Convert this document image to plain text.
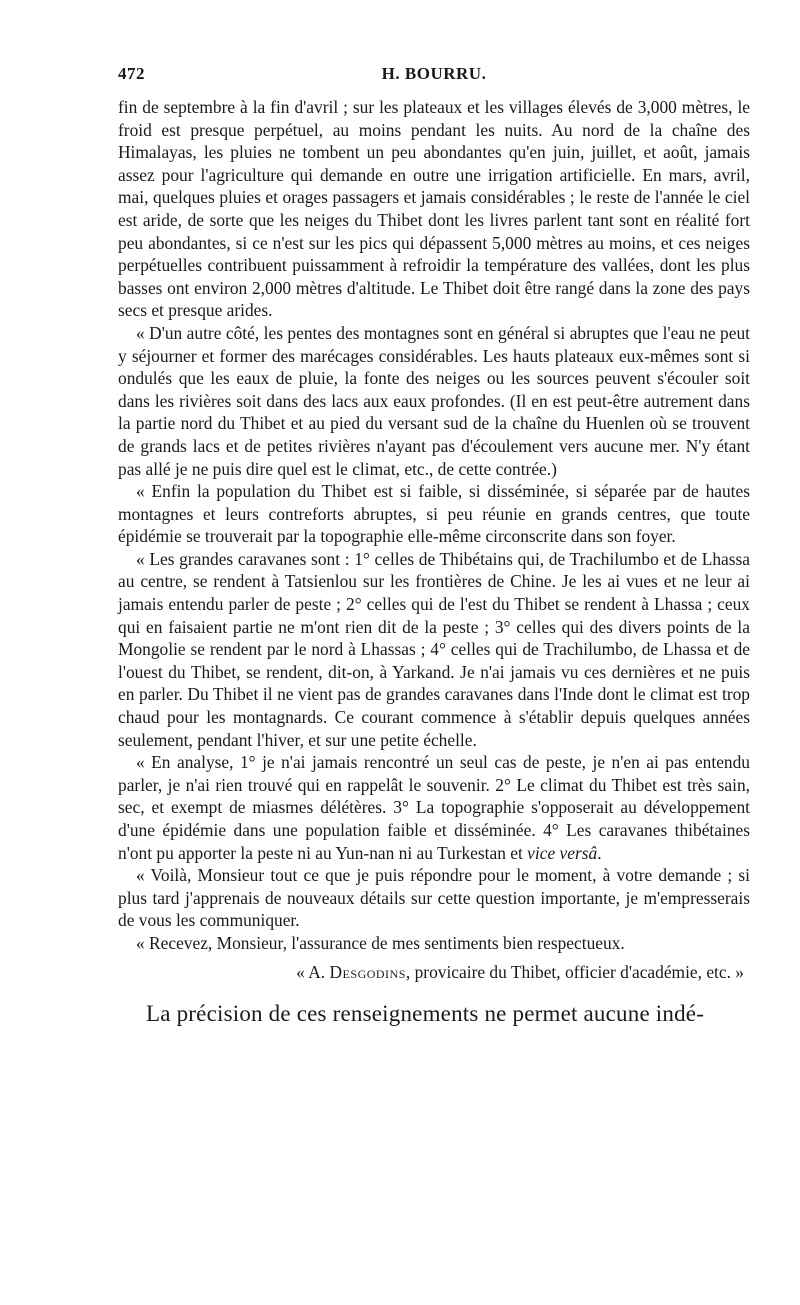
472	H. BOURRU.

fin de septembre à la fin d'avril ; sur les plateaux et les villages élevés de 3,000 mètres, le froid est presque perpétuel, au moins pendant les nuits. Au nord de la chaîne des Himalayas, les pluies ne tombent un peu abondantes qu'en juin, juillet, et août, jamais assez pour l'agriculture qui demande en outre une irrigation artificielle. En mars, avril, mai, quelques pluies et orages passagers et jamais considérables ; le reste de l'année le ciel est aride, de sorte que les neiges du Thibet dont les livres parlent tant sont en réalité fort peu abondantes, si ce n'est sur les pics qui dépassent 5,000 mètres au moins, et ces neiges perpétuelles contribuent puissamment à refroidir la température des vallées, dont les plus basses ont environ 2,000 mètres d'altitude. Le Thibet doit être rangé dans la zone des pays secs et presque arides.

« D'un autre côté, les pentes des montagnes sont en général si abruptes que l'eau ne peut y séjourner et former des marécages considérables. Les hauts plateaux eux-mêmes sont si ondulés que les eaux de pluie, la fonte des neiges ou les sources peuvent s'écouler soit dans les rivières soit dans des lacs aux eaux profondes. (Il en est peut-être autrement dans la partie nord du Thibet et au pied du versant sud de la chaîne du Huenlen où se trouvent de grands lacs et de petites rivières n'ayant pas d'écoulement vers aucune mer. N'y étant pas allé je ne puis dire quel est le climat, etc., de cette contrée.)

« Enfin la population du Thibet est si faible, si disséminée, si séparée par de hautes montagnes et leurs contreforts abruptes, si peu réunie en grands centres, que toute épidémie se trouverait par la topographie elle-même circonscrite dans son foyer.

« Les grandes caravanes sont : 1° celles de Thibétains qui, de Trachilumbo et de Lhassa au centre, se rendent à Tatsienlou sur les frontières de Chine. Je les ai vues et ne leur ai jamais entendu parler de peste ; 2° celles qui de l'est du Thibet se rendent à Lhassa ; ceux qui en faisaient partie ne m'ont rien dit de la peste ; 3° celles qui des divers points de la Mongolie se rendent par le nord à Lhassas ; 4° celles qui de Trachilumbo, de Lhassa et de l'ouest du Thibet, se rendent, dit-on, à Yarkand. Je n'ai jamais vu ces dernières et ne puis en parler. Du Thibet il ne vient pas de grandes caravanes dans l'Inde dont le climat est trop chaud pour les montagnards. Ce courant commence à s'établir depuis quelques années seulement, pendant l'hiver, et sur une petite échelle.

« En analyse, 1° je n'ai jamais rencontré un seul cas de peste, je n'en ai pas entendu parler, je n'ai rien trouvé qui en rappelât le souvenir. 2° Le climat du Thibet est très sain, sec, et exempt de miasmes délétères. 3° La topographie s'opposerait au développement d'une épidémie dans une population faible et disséminée. 4° Les caravanes thibétaines n'ont pu apporter la peste ni au Yun-nan ni au Turkestan et vice versâ.

« Voilà, Monsieur tout ce que je puis répondre pour le moment, à votre demande ; si plus tard j'apprenais de nouveaux détails sur cette question importante, je m'empresserais de vous les communiquer.

« Recevez, Monsieur, l'assurance de mes sentiments bien respectueux.

« A. Desgodins, provicaire du Thibet, officier d'académie, etc. »
La précision de ces renseignements ne permet aucune indé-
